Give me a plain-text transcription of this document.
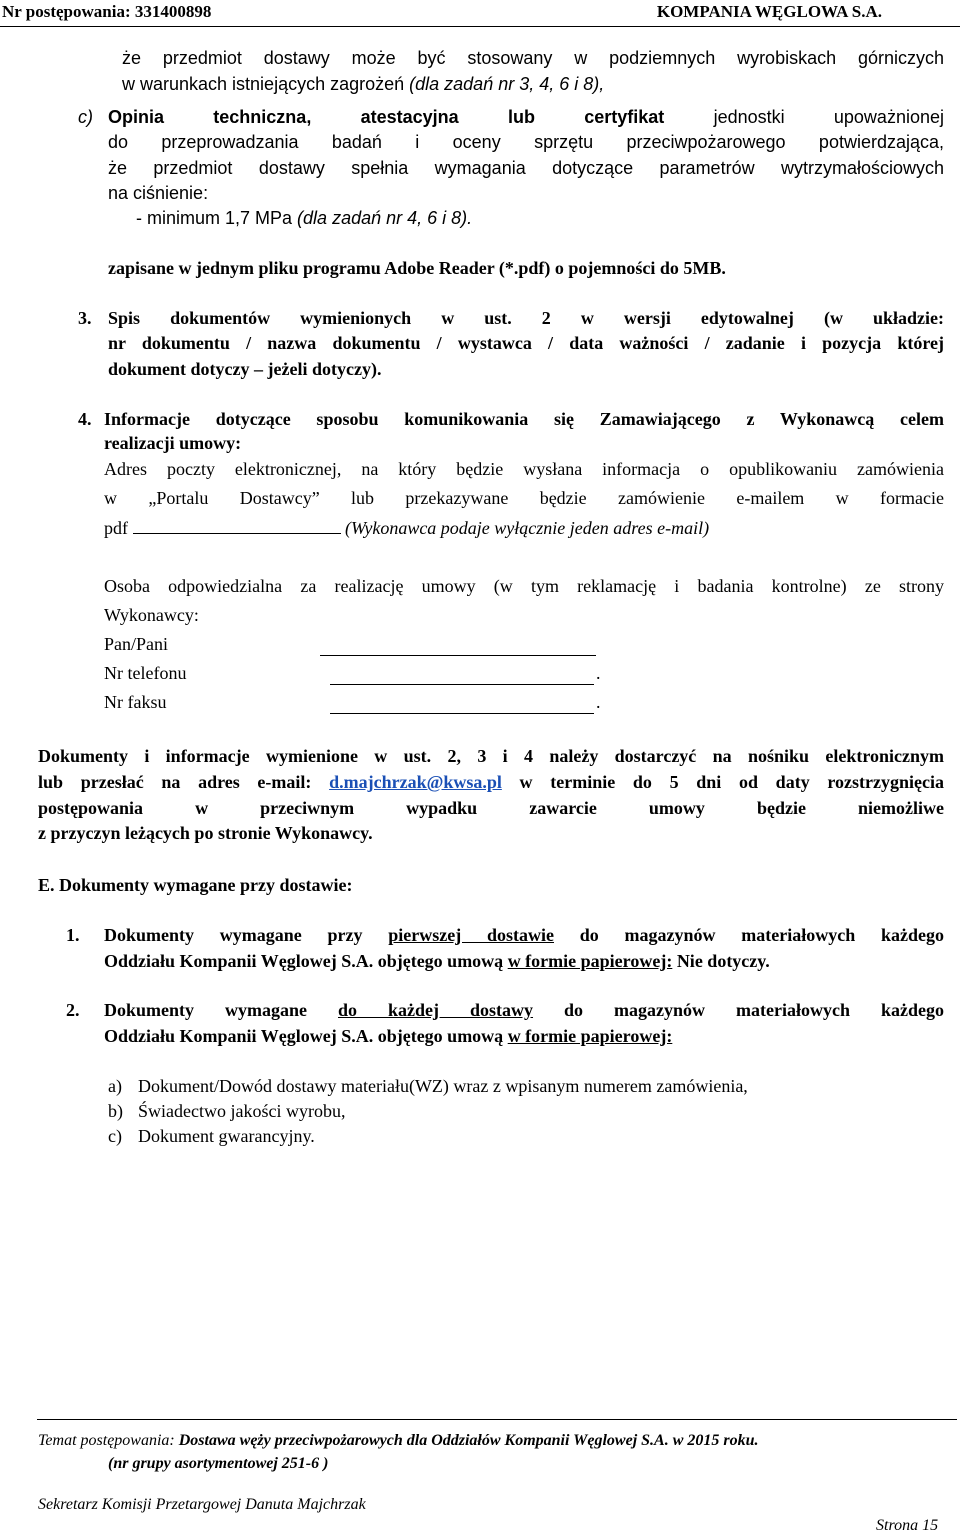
Nr postępowania: 331400898	KOMPANIA WĘGLOWA S.A.
że przedmiot dostawy może być stosowany w podziemnych wyrobiskach górniczych
w warunkach istniejących zagrożeń (dla zadań nr 3, 4, 6 i 8),
c) Opinia techniczna, atestacyjna lub certyfikat jednostki upoważnionej
do przeprowadzania badań i oceny sprzętu przeciwpożarowego potwierdzająca,
że przedmiot dostawy spełnia wymagania dotyczące parametrów wytrzymałościowych
na ciśnienie:
- minimum 1,7 MPa (dla zadań nr 4, 6 i 8).
zapisane w jednym pliku programu Adobe Reader (*.pdf) o pojemności do 5MB.
3. Spis dokumentów wymienionych w ust. 2 w wersji edytowalnej (w układzie:
nr dokumentu / nazwa dokumentu / wystawca / data ważności / zadanie i pozycja której
dokument dotyczy – jeżeli dotyczy).
4. Informacje dotyczące sposobu komunikowania się Zamawiającego z Wykonawcą celem
realizacji umowy:
Adres poczty elektronicznej, na który będzie wysłana informacja o opublikowaniu zamówienia
w „Portalu Dostawcy” lub przekazywane będzie zamówienie e-mailem w formacie
pdf	(Wykonawca podaje wyłącznie jeden adres e-mail)
Osoba odpowiedzialna za realizację umowy (w tym reklamację i badania kontrolne) ze strony
Wykonawcy:
Pan/Pani
Nr telefonu	.
Nr faksu	.
Dokumenty i informacje wymienione w ust. 2, 3 i 4 należy dostarczyć na nośniku elektronicznym
lub przesłać na adres e-mail: d.majchrzak@kwsa.pl w terminie do 5 dni od daty rozstrzygnięcia
postępowania w przeciwnym wypadku zawarcie umowy będzie niemożliwe
z przyczyn leżących po stronie Wykonawcy.
E. Dokumenty wymagane przy dostawie:
1. Dokumenty wymagane przy pierwszej dostawie do magazynów materiałowych każdego
Oddziału Kompanii Węglowej S.A. objętego umową w formie papierowej: Nie dotyczy.
2. Dokumenty wymagane do każdej dostawy do magazynów materiałowych każdego
Oddziału Kompanii Węglowej S.A. objętego umową w formie papierowej:
a) Dokument/Dowód dostawy materiału(WZ) wraz z wpisanym numerem zamówienia,
b) Świadectwo jakości wyrobu,
c) Dokument gwarancyjny.
Temat postępowania: Dostawa węży przeciwpożarowych dla Oddziałów Kompanii Węglowej S.A. w 2015 roku.
(nr grupy asortymentowej 251-6 )
Sekretarz Komisji Przetargowej Danuta Majchrzak
Strona 15
